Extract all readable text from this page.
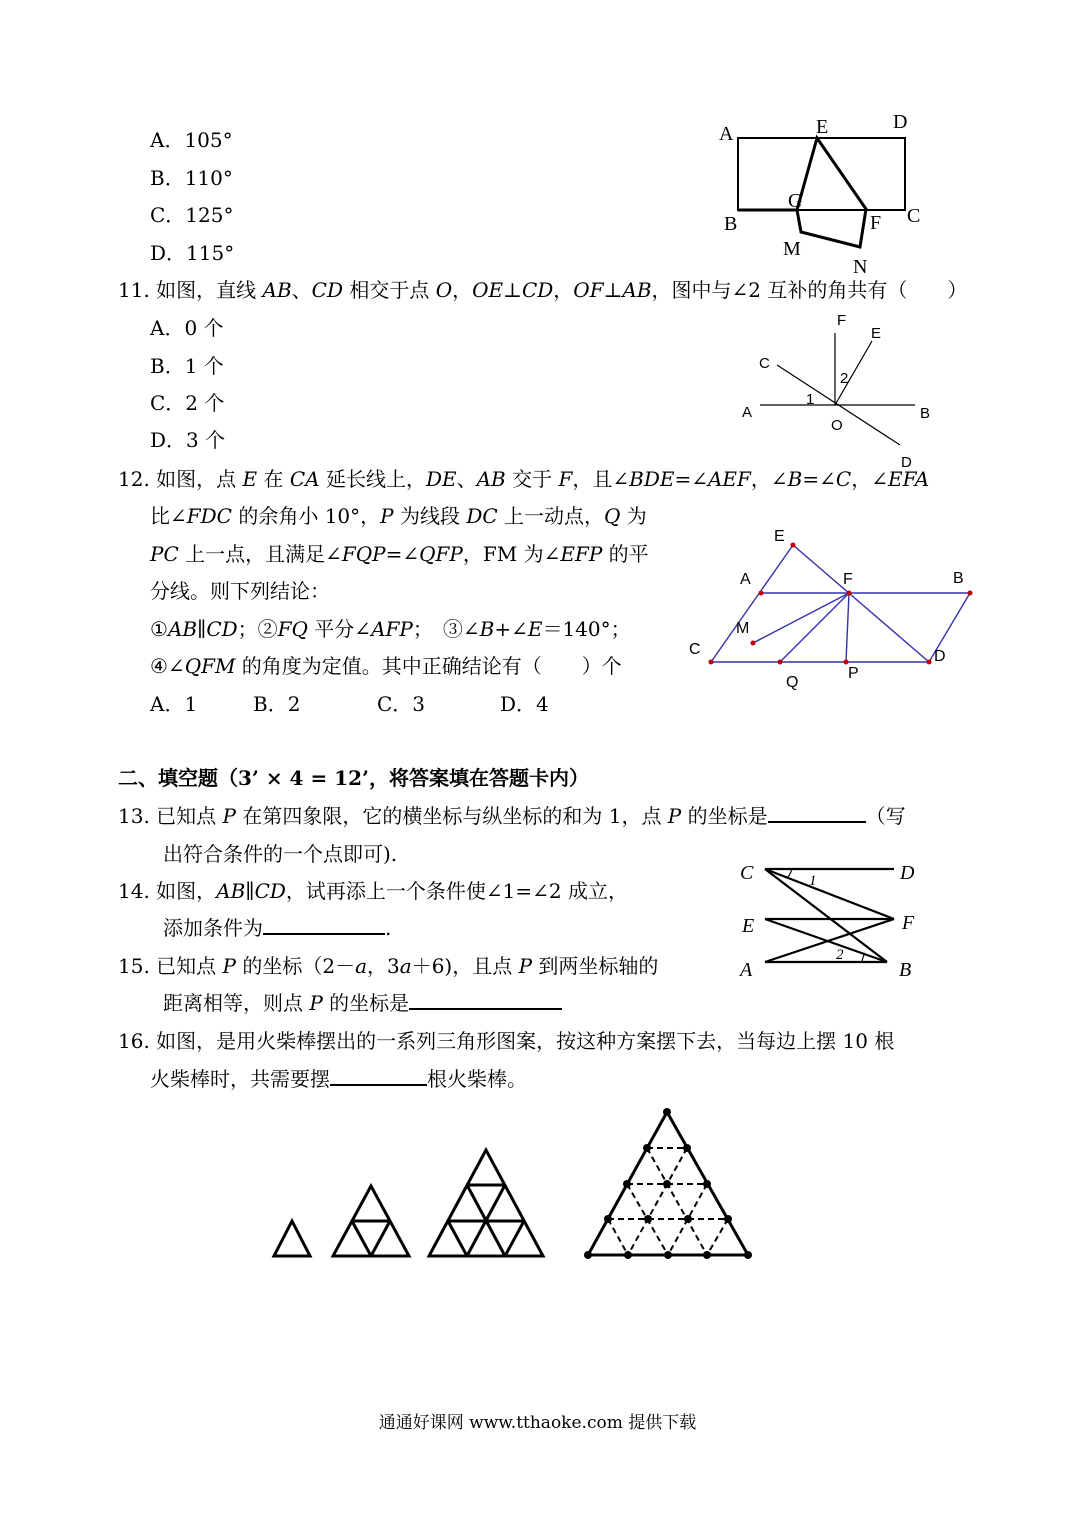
A．105°
B．110°
C．125°
D．115°
A	E	D
B
G
F C
M
N
11. 如图，直线 AB、CD 相交于点 O，OE⊥CD，OF⊥AB，图中与∠2 互补的角共有（　　）
A．0 个
B．1 个
C．2 个
D．3 个
F
E
C
2
1
A	B
O
D
12. 如图，点 E 在 CA 延长线上，DE、AB 交于 F，且∠BDE=∠AEF，∠B=∠C，∠EFA
比∠FDC 的余角小 10°，P 为线段 DC 上一动点，Q 为
PC 上一点，且满足∠FQP=∠QFP，FM 为∠EFP 的平
分线。则下列结论：
①AB∥CD；②FQ 平分∠AFP；　③∠B+∠E＝140°；
④∠QFM 的角度为定值。其中正确结论有（　　）个
A．1	B．2	C．3	D．4
E
A	F	B
M
C	D
Q
P
二、填空题（3’ × 4 = 12’，将答案填在答题卡内）
13. 已知点 P 在第四象限，它的横坐标与纵坐标的和为 1，点 P 的坐标是	（写
出符合条件的一个点即可).
14. 如图，AB∥CD，试再添上一个条件使∠1=∠2 成立，
添加条件为	.
C	D
1
E	F
2
A	B
15. 已知点 P 的坐标（2－a，3a＋6)，且点 P 到两坐标轴的
距离相等，则点 P 的坐标是
16. 如图，是用火柴棒摆出的一系列三角形图案，按这种方案摆下去，当每边上摆 10 根
火柴棒时，共需要摆	根火柴棒。
通通好课网 www.tthaoke.com 提供下载
